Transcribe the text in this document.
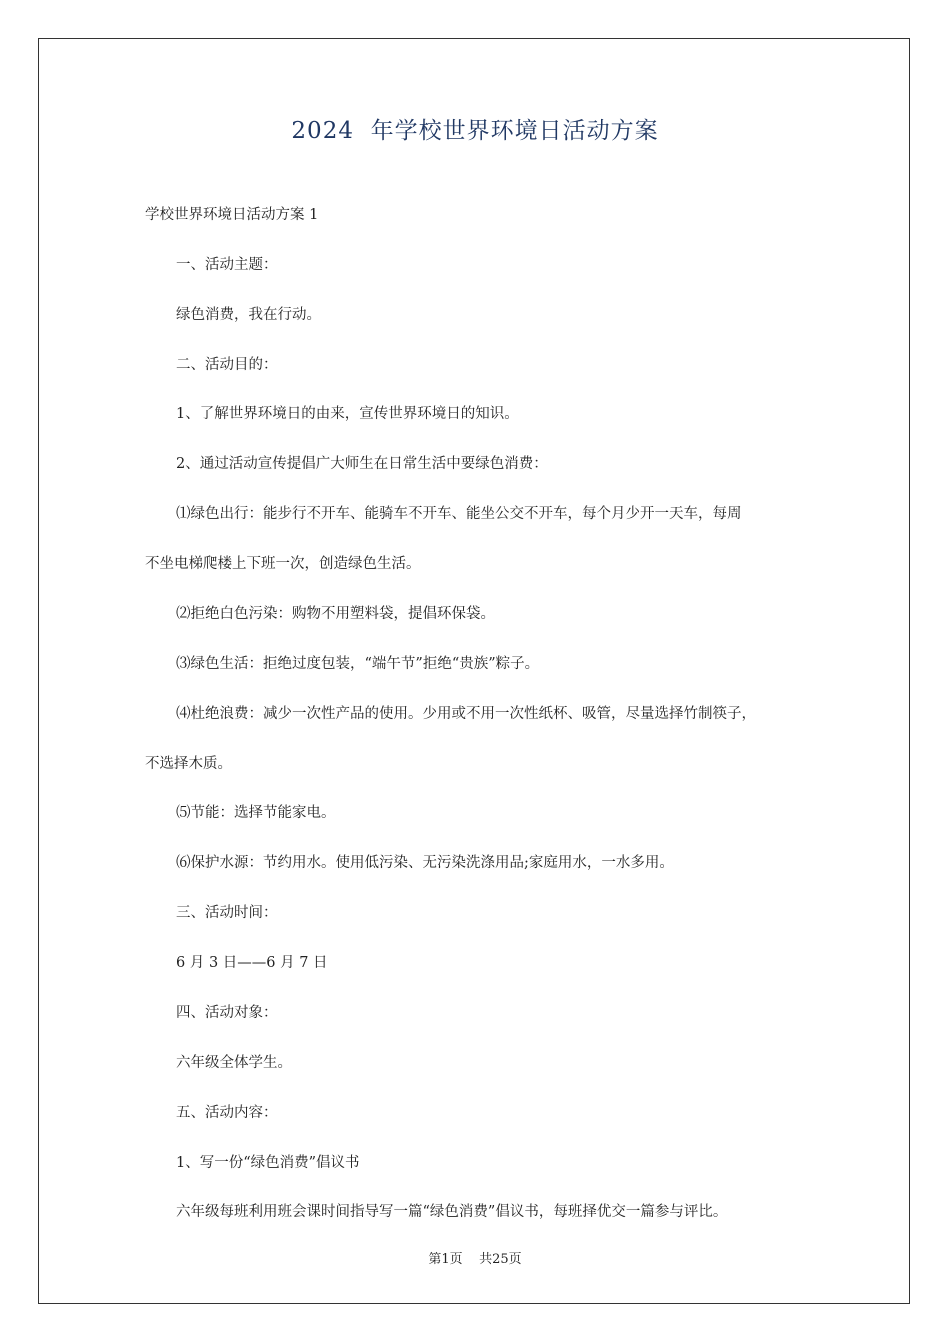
2024  年学校世界环境日活动方案
学校世界环境日活动方案 1
一、活动主题：
绿色消费，我在行动。
二、活动目的：
1、了解世界环境日的由来，宣传世界环境日的知识。
2、通过活动宣传提倡广大师生在日常生活中要绿色消费：
⑴绿色出行：能步行不开车、能骑车不开车、能坐公交不开车，每个月少开一天车，每周
不坐电梯爬楼上下班一次，创造绿色生活。
⑵拒绝白色污染：购物不用塑料袋，提倡环保袋。
⑶绿色生活：拒绝过度包装，“端午节”拒绝“贵族”粽子。
⑷杜绝浪费：减少一次性产品的使用。少用或不用一次性纸杯、吸管，尽量选择竹制筷子，
不选择木质。
⑸节能：选择节能家电。
⑹保护水源：节约用水。使用低污染、无污染洗涤用品;家庭用水，一水多用。
三、活动时间：
6 月 3 日——6 月 7 日
四、活动对象：
六年级全体学生。
五、活动内容：
1、写一份“绿色消费”倡议书
六年级每班利用班会课时间指导写一篇“绿色消费”倡议书，每班择优交一篇参与评比。
第1页    共25页
